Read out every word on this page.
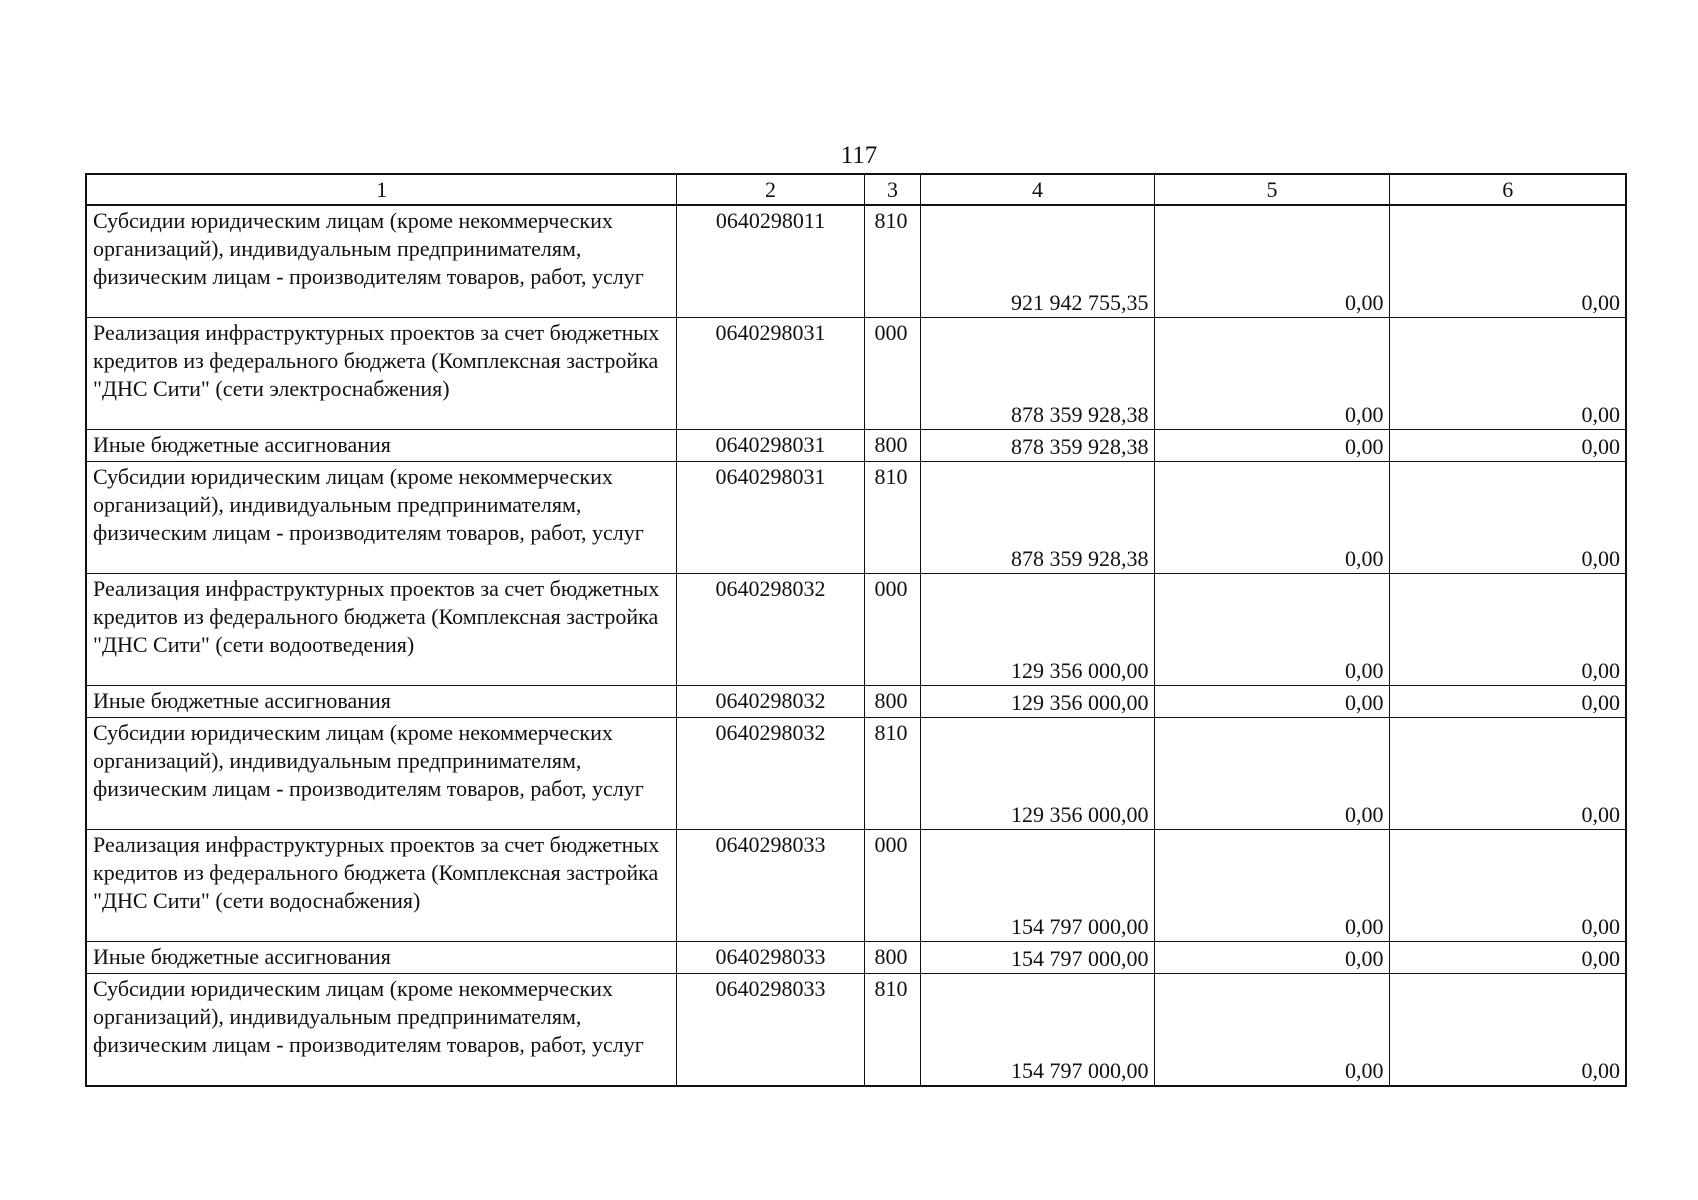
117
1	2	3	4	5	6
Субсидии юридическим лицам (кроме некоммерческих организаций), индивидуальным предпринимателям, физическим лицам - производителям товаров, работ, услуг	0640298011	810	921 942 755,35	0,00	0,00
Реализация инфраструктурных проектов за счет бюджетных кредитов из федерального бюджета (Комплексная застройка "ДНС Сити" (сети электроснабжения)	0640298031	000	878 359 928,38	0,00	0,00
Иные бюджетные ассигнования	0640298031	800	878 359 928,38	0,00	0,00
Субсидии юридическим лицам (кроме некоммерческих организаций), индивидуальным предпринимателям, физическим лицам - производителям товаров, работ, услуг	0640298031	810	878 359 928,38	0,00	0,00
Реализация инфраструктурных проектов за счет бюджетных кредитов из федерального бюджета (Комплексная застройка "ДНС Сити" (сети водоотведения)	0640298032	000	129 356 000,00	0,00	0,00
Иные бюджетные ассигнования	0640298032	800	129 356 000,00	0,00	0,00
Субсидии юридическим лицам (кроме некоммерческих организаций), индивидуальным предпринимателям, физическим лицам - производителям товаров, работ, услуг	0640298032	810	129 356 000,00	0,00	0,00
Реализация инфраструктурных проектов за счет бюджетных кредитов из федерального бюджета (Комплексная застройка "ДНС Сити" (сети водоснабжения)	0640298033	000	154 797 000,00	0,00	0,00
Иные бюджетные ассигнования	0640298033	800	154 797 000,00	0,00	0,00
Субсидии юридическим лицам (кроме некоммерческих организаций), индивидуальным предпринимателям, физическим лицам - производителям товаров, работ, услуг	0640298033	810	154 797 000,00	0,00	0,00
